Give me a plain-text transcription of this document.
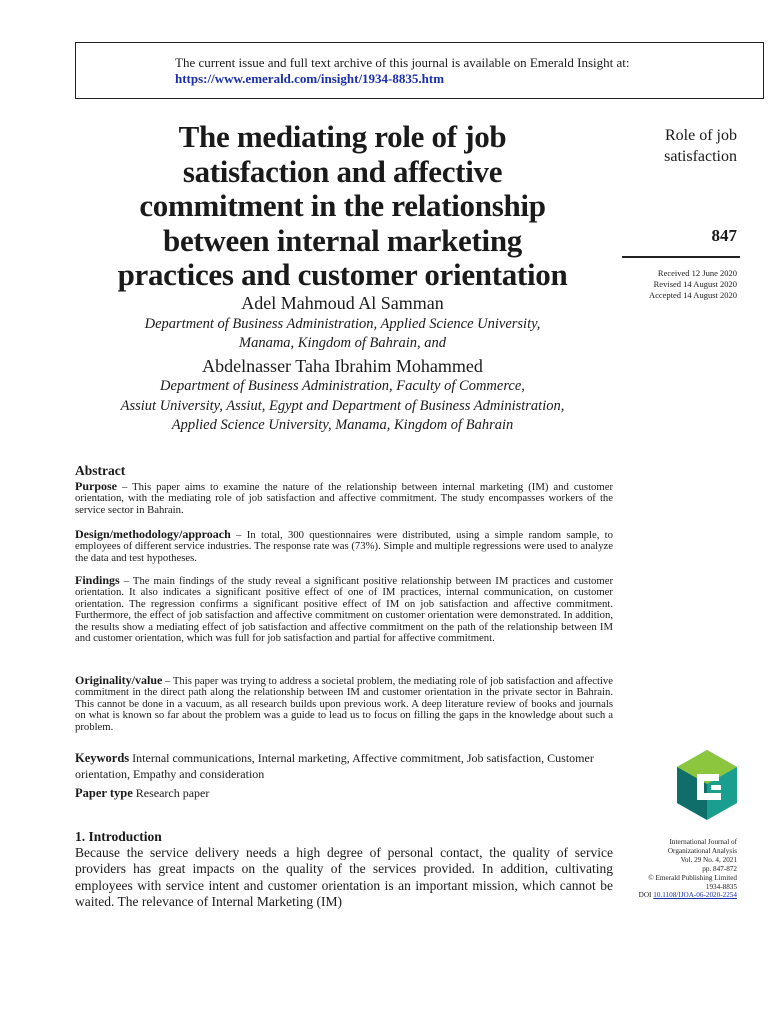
The current issue and full text archive of this journal is available on Emerald Insight at:
https://www.emerald.com/insight/1934-8835.htm
The mediating role of job
satisfaction and affective
commitment in the relationship
between internal marketing
practices and customer orientation
Adel Mahmoud Al Samman
Department of Business Administration, Applied Science University,
Manama, Kingdom of Bahrain, and
Abdelnasser Taha Ibrahim Mohammed
Department of Business Administration, Faculty of Commerce,
Assiut University, Assiut, Egypt and Department of Business Administration,
Applied Science University, Manama, Kingdom of Bahrain
Role of job
satisfaction
847
Received 12 June 2020
Revised 14 August 2020
Accepted 14 August 2020
Abstract
Purpose – This paper aims to examine the nature of the relationship between internal marketing (IM) and customer orientation, with the mediating role of job satisfaction and affective commitment. The study encompasses workers of the service sector in Bahrain.
Design/methodology/approach – In total, 300 questionnaires were distributed, using a simple random sample, to employees of different service industries. The response rate was (73%). Simple and multiple regressions were used to analyze the data and test hypotheses.
Findings – The main findings of the study reveal a significant positive relationship between IM practices and customer orientation. It also indicates a significant positive effect of one of IM practices, internal communication, on customer orientation. The regression confirms a significant positive effect of IM on job satisfaction and affective commitment. Furthermore, the effect of job satisfaction and affective commitment on customer orientation were demonstrated. In addition, the results show a mediating effect of job satisfaction and affective commitment on the path of the relationship between IM and customer orientation, which was full for job satisfaction and partial for affective commitment.
Originality/value – This paper was trying to address a societal problem, the mediating role of job satisfaction and affective commitment in the direct path along the relationship between IM and customer orientation in the private sector in Bahrain. This cannot be done in a vacuum, as all research builds upon previous work. A deep literature review of books and journals on what is known so far about the problem was a guide to lead us to focus on filling the gaps in the knowledge about such a problem.
Keywords Internal communications, Internal marketing, Affective commitment, Job satisfaction, Customer orientation, Empathy and consideration
Paper type Research paper
1. Introduction
Because the service delivery needs a high degree of personal contact, the quality of service providers has great impacts on the quality of the services provided. In addition, cultivating employees with service intent and customer orientation is an important mission, which cannot be waited. The relevance of Internal Marketing (IM)
International Journal of
Organizational Analysis
Vol. 29 No. 4, 2021
pp. 847-872
© Emerald Publishing Limited
1934-8835
DOI 10.1108/IJOA-06-2020-2254
